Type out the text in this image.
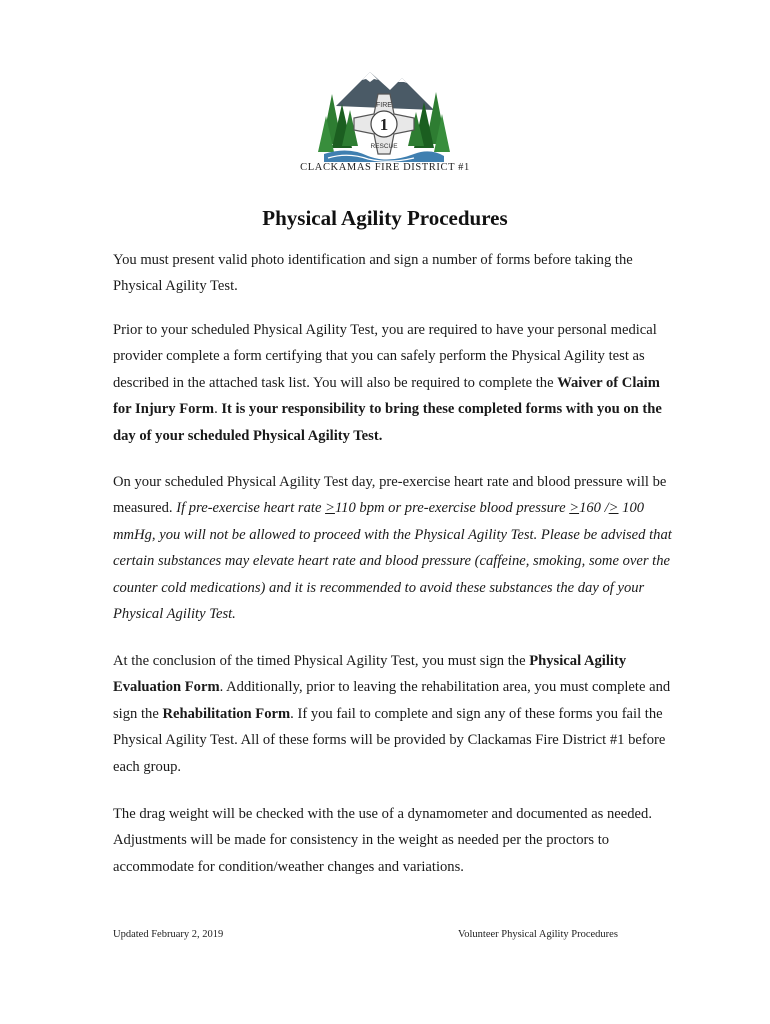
FIRE
1
RESCUE
CLACKAMAS FIRE DISTRICT #1
Physical Agility Procedures

You must present valid photo identification and sign a number of forms before taking the Physical Agility Test.

Prior to your scheduled Physical Agility Test, you are required to have your personal medical provider complete a form certifying that you can safely perform the Physical Agility test as described in the attached task list. You will also be required to complete the Waiver of Claim for Injury Form. It is your responsibility to bring these completed forms with you on the day of your scheduled Physical Agility Test.

On your scheduled Physical Agility Test day, pre-exercise heart rate and blood pressure will be measured. If pre-exercise heart rate >110 bpm or pre-exercise blood pressure >160 /> 100 mmHg, you will not be allowed to proceed with the Physical Agility Test. Please be advised that certain substances may elevate heart rate and blood pressure (caffeine, smoking, some over the counter cold medications) and it is recommended to avoid these substances the day of your Physical Agility Test.

At the conclusion of the timed Physical Agility Test, you must sign the Physical Agility Evaluation Form. Additionally, prior to leaving the rehabilitation area, you must complete and sign the Rehabilitation Form. If you fail to complete and sign any of these forms you fail the Physical Agility Test. All of these forms will be provided by Clackamas Fire District #1 before each group.

The drag weight will be checked with the use of a dynamometer and documented as needed. Adjustments will be made for consistency in the weight as needed per the proctors to accommodate for condition/weather changes and variations.

Updated February 2, 2019	Volunteer Physical Agility Procedures
